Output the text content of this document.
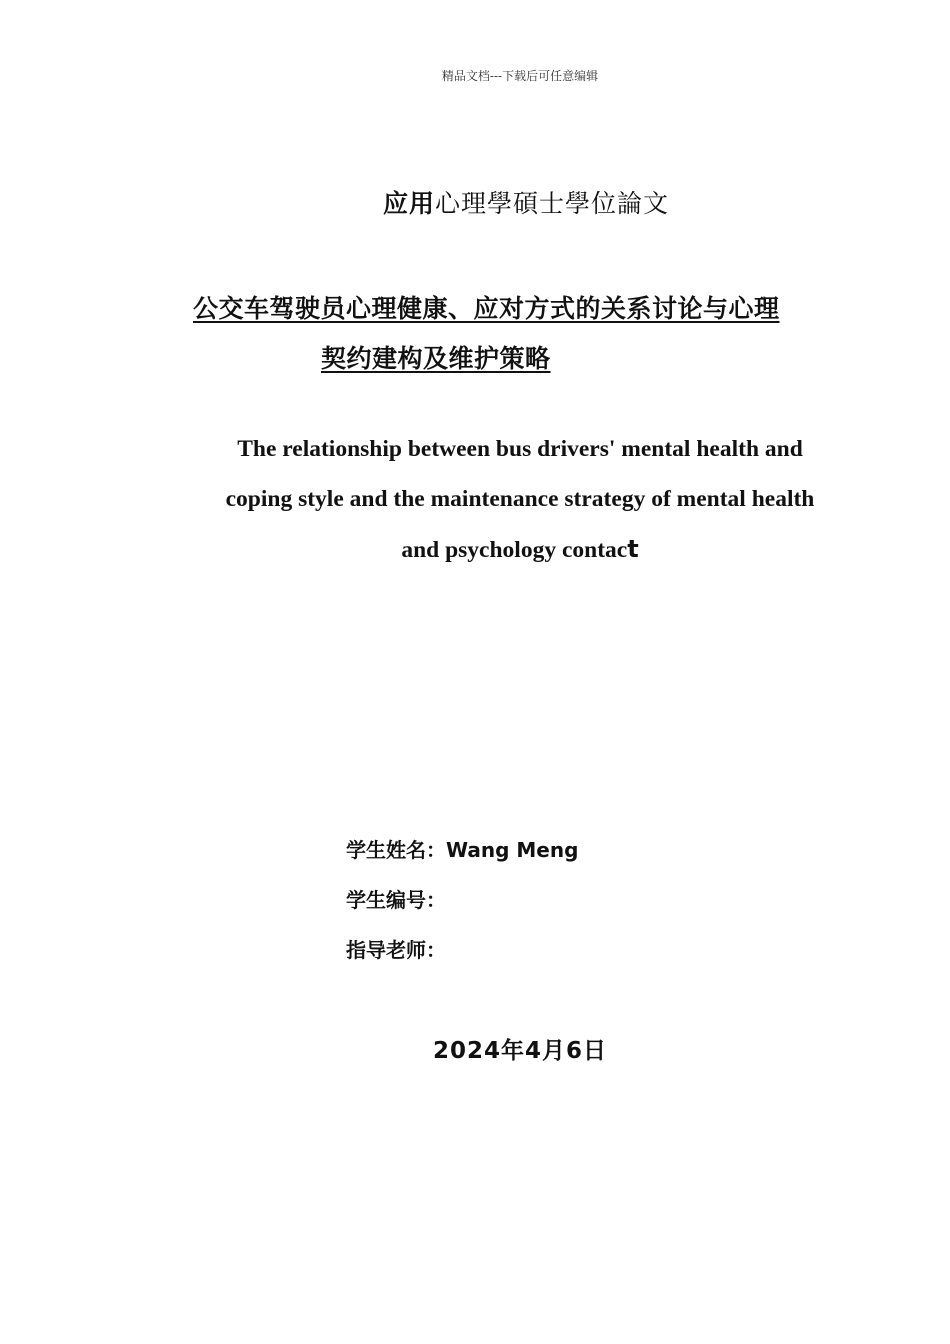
精品文档---下载后可任意编辑
应用心理學碩士學位論文
公交车驾驶员心理健康、应对方式的关系讨论与心理
契约建构及维护策略
The relationship between bus drivers' mental health and
coping style and the maintenance strategy of mental health
and psychology contact
学生姓名：Wang Meng
学生编号：
指导老师：
2024年4月6日
